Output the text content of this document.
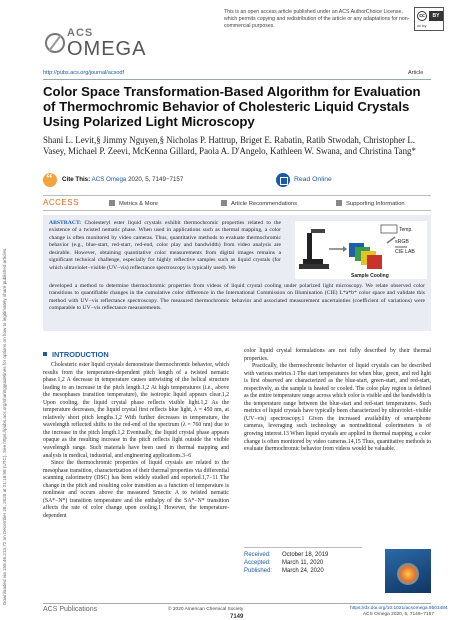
Downloaded via 158.46.213.72 on December 28, 2020 at 21:18:58 (UTC). See https://pubs.acs.org/sharingguidelines for options on how to legitimately share published articles.
This is an open access article published under an ACS AuthorChoice License, which permits copying and redistribution of the article or any adaptations for non-commercial purposes.
cc	BY
cc by
ACS
OMEGA
http://pubs.acs.org/journal/acsodf	Article
Color Space Transformation-Based Algorithm for Evaluation of Thermochromic Behavior of Cholesteric Liquid Crystals Using Polarized Light Microscopy
Shani L. Levit,§ Jimmy Nguyen,§ Nicholas P. Hattrup, Briget E. Rabatin, Ratib Stwodah, Christopher L. Vasey, Michael P. Zeevi, McKenna Gillard, Paola A. D'Angelo, Kathleen W. Swana, and Christina Tang*
“
Cite This: ACS Omega 2020, 5, 7149−7157	Read Online
ACCESS	Metrics & More	Article Recommendations	Supporting Information
ABSTRACT: Cholesteryl ester liquid crystals exhibit thermochromic properties related to the existence of a twisted nematic phase. When used in applications such as thermal mapping, a color change is often monitored by video cameras. Thus, quantitative methods to evaluate thermochromic behavior (e.g., blue-start, red-start, red-end, color play and bandwidth) from video analysis are desirable. However, obtaining quantitative color measurements from digital images remains a significant technical challenge, especially for highly reflective samples such as liquid crystals (for which ultraviolet−visible (UV−vis) reflectance spectroscopy is typically used). We
developed a method to determine thermochromic properties from videos of liquid crystal cooling under polarized light microscopy. We relate observed color transitions to quantifiable changes in the cumulative color difference in the International Commission on Illumination (CIE) L*a*b* color space and validate this method with UV−vis reflectance spectroscopy. The measured thermochromic behavior and associated measurement uncertainties (coefficient of variations) were comparable to UV−vis reflectance measurements.
Temp.
sRGB
CIE LAB
Sample Cooling
INTRODUCTION

Cholesteric ester liquid crystals demonstrate thermochromic behavior, which results from the temperature-dependent pitch length of a twisted nematic phase.1,2 A decrease in temperature causes untwisting of the helical structure leading to an increase in the pitch length.1,2 At high temperatures (i.e., above the mesophases transition temperature), the isotropic liquid appears clear.1,2 Upon cooling, the liquid crystal phase reflects visible light.1,2 As the temperature decreases, the liquid crystal first reflects blue light, λ = 450 nm, at relatively short pitch lengths.1,2 With further decreases in temperature, the wavelength reflected shifts to the red-end of the spectrum (λ = 760 nm) due to the increase in the pitch length.1,2 Eventually, the liquid crystal phase appears opaque as the resulting increase in the pitch reflects light outside the visible wavelength range. Such materials have been used in thermal mapping and analysis in medical, industrial, and engineering applications.3−6

Since the thermochromic properties of liquid crystals are related to the mesophase transition, characterization of their thermal properties via differential scanning calorimetry (DSC) has been widely studied and reported.1,7−11 The change in the pitch and resulting color transition as a function of temperature is nonlinear and occurs above the measured Smectic A to twisted nematic (SA*−N*) transition temperature and the enthalpy of the SA*−N* transition affects the rate of color change upon cooling.1 However, the temperature-dependent

color liquid crystal formulations are not fully described by their thermal properties.

Practically, the thermochromic behavior of liquid crystals can be described with various metrics.1 The start temperatures for when blue, green, and red light is first observed are characterized as the blue-start, green-start, and red-start, respectively, as the sample is heated or cooled. The color play region is defined as the entire temperature range across which color is visible and the bandwidth is the temperature range between the blue-start and red-start temperatures. Such metrics of liquid crystals have typically been characterized by ultraviolet−visible (UV−vis) spectroscopy.1 Given the increased availability of smartphone cameras, leveraging such technology as nontraditional colorimeters is of growing interest.13 When liquid crystals are applied in thermal mapping, a color change is often monitored by video cameras.14,15 Thus, quantitative methods to evaluate thermochromic behavior from videos would be valuable.

Received: October 18, 2019
Accepted: March 11, 2020
Published: March 24, 2020
ACS Publications	© 2020 American Chemical Society
7149
https://dx.doi.org/10.1021/acsomega.9b03484
ACS Omega 2020, 5, 7149−7157
